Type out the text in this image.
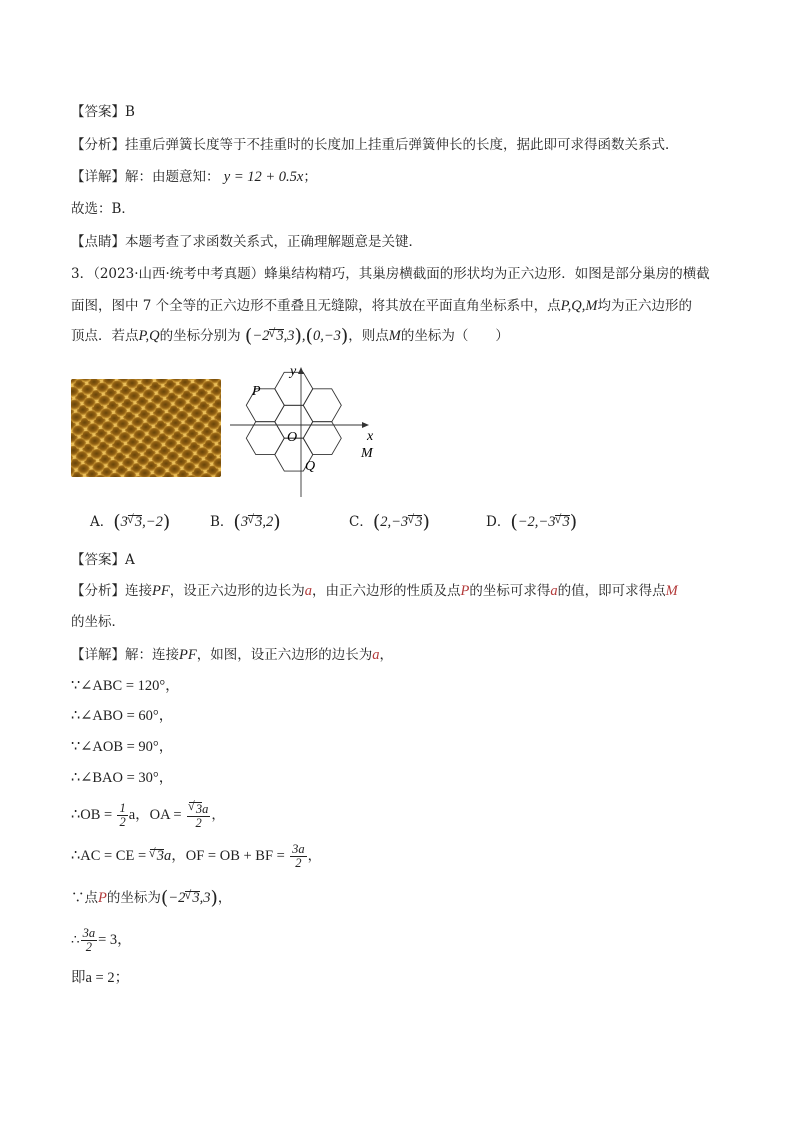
【答案】B
【分析】挂重后弹簧长度等于不挂重时的长度加上挂重后弹簧伸长的长度，据此即可求得函数关系式．
【详解】解：由题意知： y = 12 + 0.5x；
故选：B．
【点睛】本题考查了求函数关系式，正确理解题意是关键．
3．（2023·山西·统考中考真题）蜂巢结构精巧，其巢房横截面的形状均为正六边形．如图是部分巢房的横截
面图，图中 7 个全等的正六边形不重叠且无缝隙，将其放在平面直角坐标系中，点P,Q,M均为正六边形的
顶点．若点P,Q的坐标分别为 (−2 √ 3,3),(0,−3)，则点M的坐标为（　　）
x
y
O
P
Q
M
A．(3 √ 3,−2)	B．(3 √ 3,2)	C．(2,−3 √ 3)	D．(−2,−3 √ 3)
【答案】A
【分析】连接PF，设正六边形的边长为a，由正六边形的性质及点P的坐标可求得a的值，即可求得点M
的坐标．
【详解】解：连接PF，如图，设正六边形的边长为a，
∵∠ABC = 120°，
∴∠ABO = 60°，
∵∠AOB = 90°，
∴∠BAO = 30°，
∴OB = $\frac{1}{2}$ a，OA = √ $\frac{3a}{2}$ ，
∴AC = CE = √ 3a，OF = OB + BF = $\frac{3a}{2}$ ，
∵点P的坐标为(−2 √ 3,3)，
∴ $\frac{3a}{2} = 3$，
即a = 2；
